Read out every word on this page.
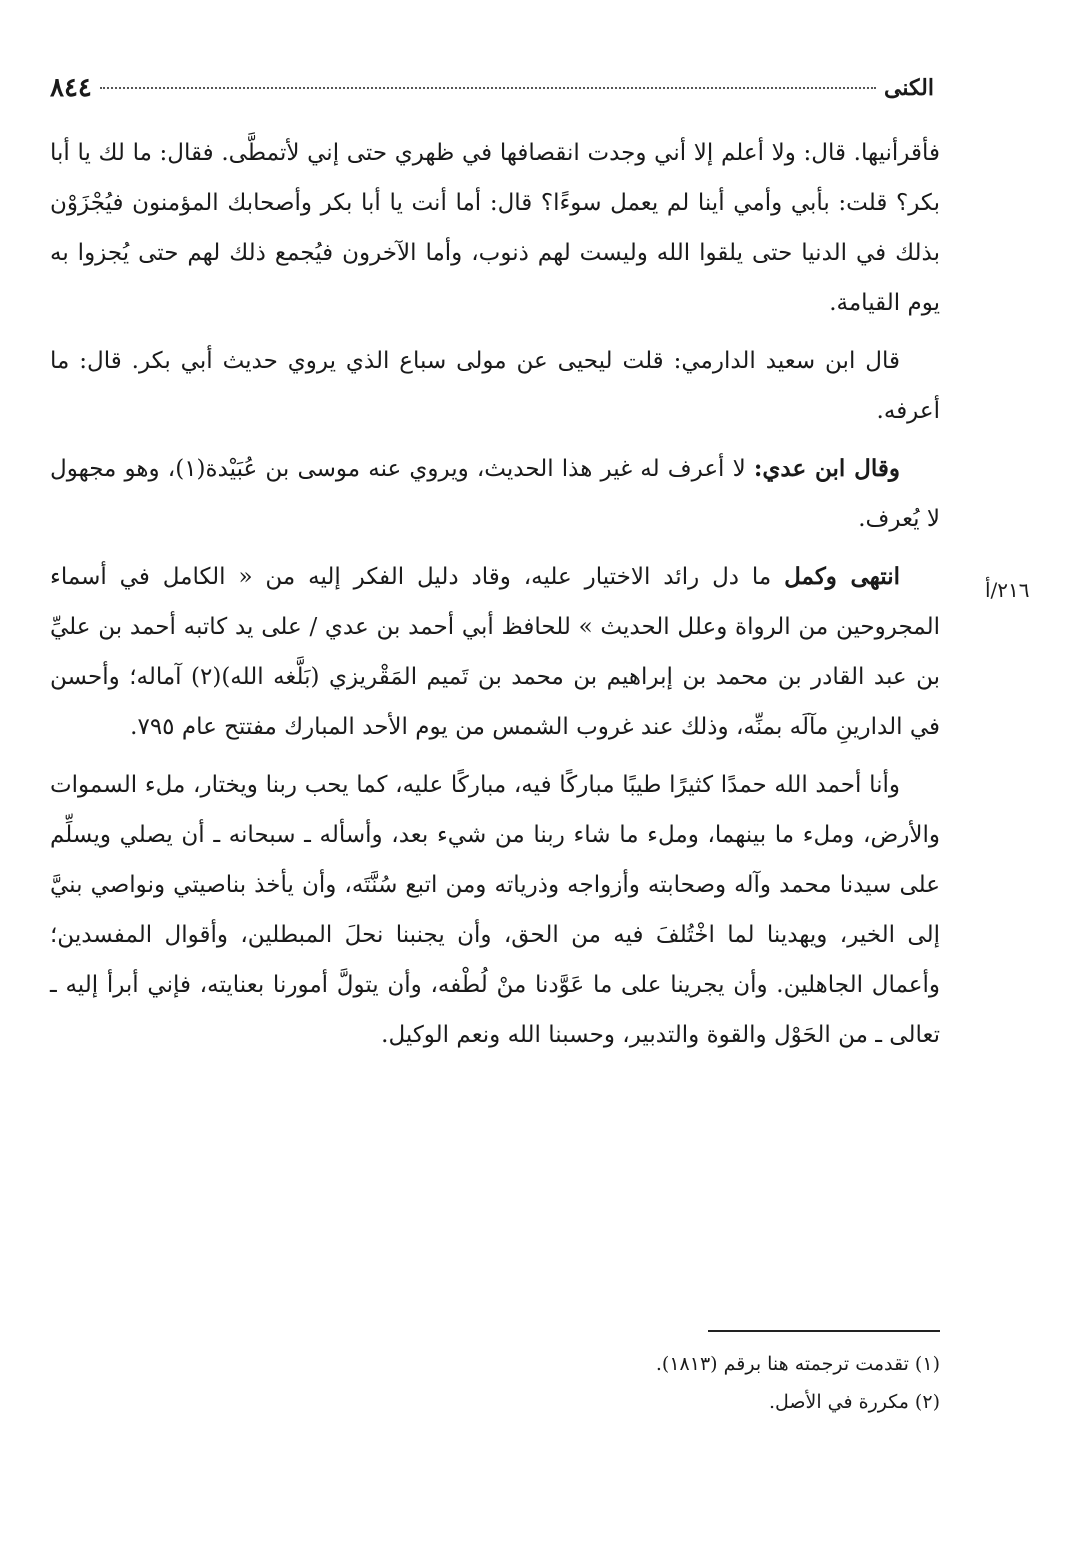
الكنى
٨٤٤

فأقرأنيها. قال: ولا أعلم إلا أني وجدت انقصافها في ظهري حتى إني لأتمطَّى. فقال: ما لك يا أبا بكر؟ قلت: بأبي وأمي أينا لم يعمل سوءًا؟ قال: أما أنت يا أبا بكر وأصحابك المؤمنون فيُجْزَوْن بذلك في الدنيا حتى يلقوا الله وليست لهم ذنوب، وأما الآخرون فيُجمع ذلك لهم حتى يُجزوا به يوم القيامة.

قال ابن سعيد الدارمي: قلت ليحيى عن مولى سباع الذي يروي حديث أبي بكر. قال: ما أعرفه.

وقال ابن عدي: لا أعرف له غير هذا الحديث، ويروي عنه موسى بن عُبَيْدة(١)، وهو مجهول لا يُعرف.

انتهى وكمل ما دل رائد الاختيار عليه، وقاد دليل الفكر إليه من « الكامل في أسماء المجروحين من الرواة وعلل الحديث » للحافظ أبي أحمد بن عدي / على يد كاتبه أحمد بن عليِّ بن عبد القادر بن محمد بن إبراهيم بن محمد بن تَميم المَقْريزي (بَلَّغه الله)(٢) آماله؛ وأحسن في الدارينِ مآلَه بمنِّه، وذلك عند غروب الشمس من يوم الأحد المبارك مفتتح عام ٧٩٥.

وأنا أحمد الله حمدًا كثيرًا طيبًا مباركًا فيه، مباركًا عليه، كما يحب ربنا ويختار، ملء السموات والأرض، وملء ما بينهما، وملء ما شاء ربنا من شيء بعد، وأسأله ـ سبحانه ـ أن يصلي ويسلِّم على سيدنا محمد وآله وصحابته وأزواجه وذرياته ومن اتبع سُنَّتَه، وأن يأخذ بناصيتي ونواصي بنيَّ إلى الخير، ويهدينا لما اخْتُلفَ فيه من الحق، وأن يجنبنا نحلَ المبطلين، وأقوال المفسدين؛ وأعمال الجاهلين. وأن يجرينا على ما عَوَّدنا منْ لُطْفه، وأن يتولَّ أمورنا بعنايته، فإني أبرأ إليه ـ تعالى ـ من الحَوْل والقوة والتدبير، وحسبنا الله ونعم الوكيل.

٢١٦/أ

(١) تقدمت ترجمته هنا برقم (١٨١٣).

(٢) مكررة في الأصل.
